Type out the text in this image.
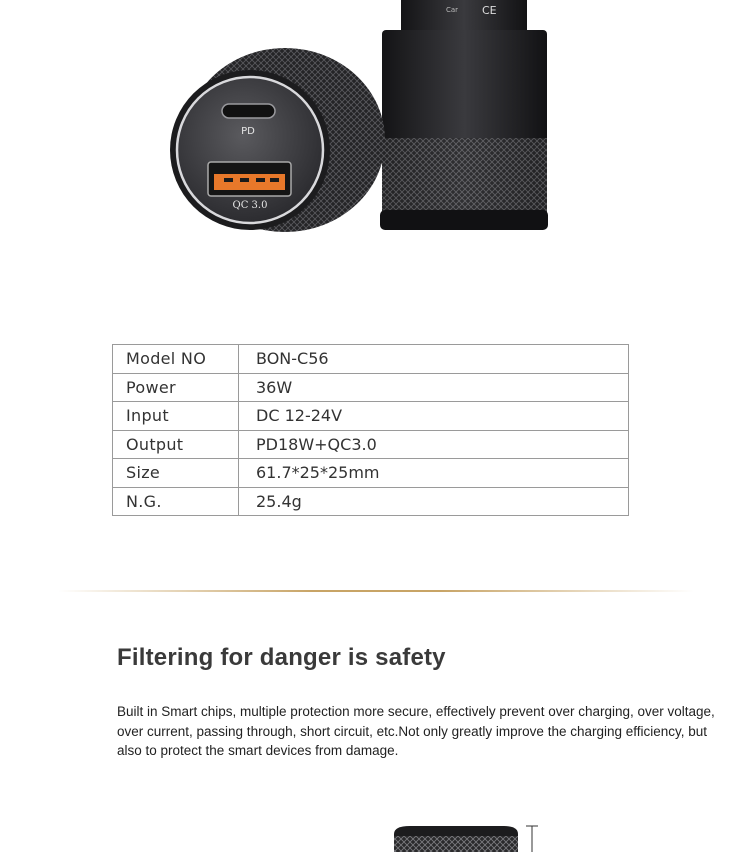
Car CE
PD
QC 3.0
Model NO	BON-C56
Power	36W
Input	DC 12-24V
Output	PD18W+QC3.0
Size	61.7*25*25mm
N.G.	25.4g
Filtering for danger is safety

Built in Smart chips, multiple protection more secure, effectively prevent over charging, over voltage, over current, passing through, short circuit, etc.Not only greatly improve the charging efficiency, but also to protect the smart devices from damage.
